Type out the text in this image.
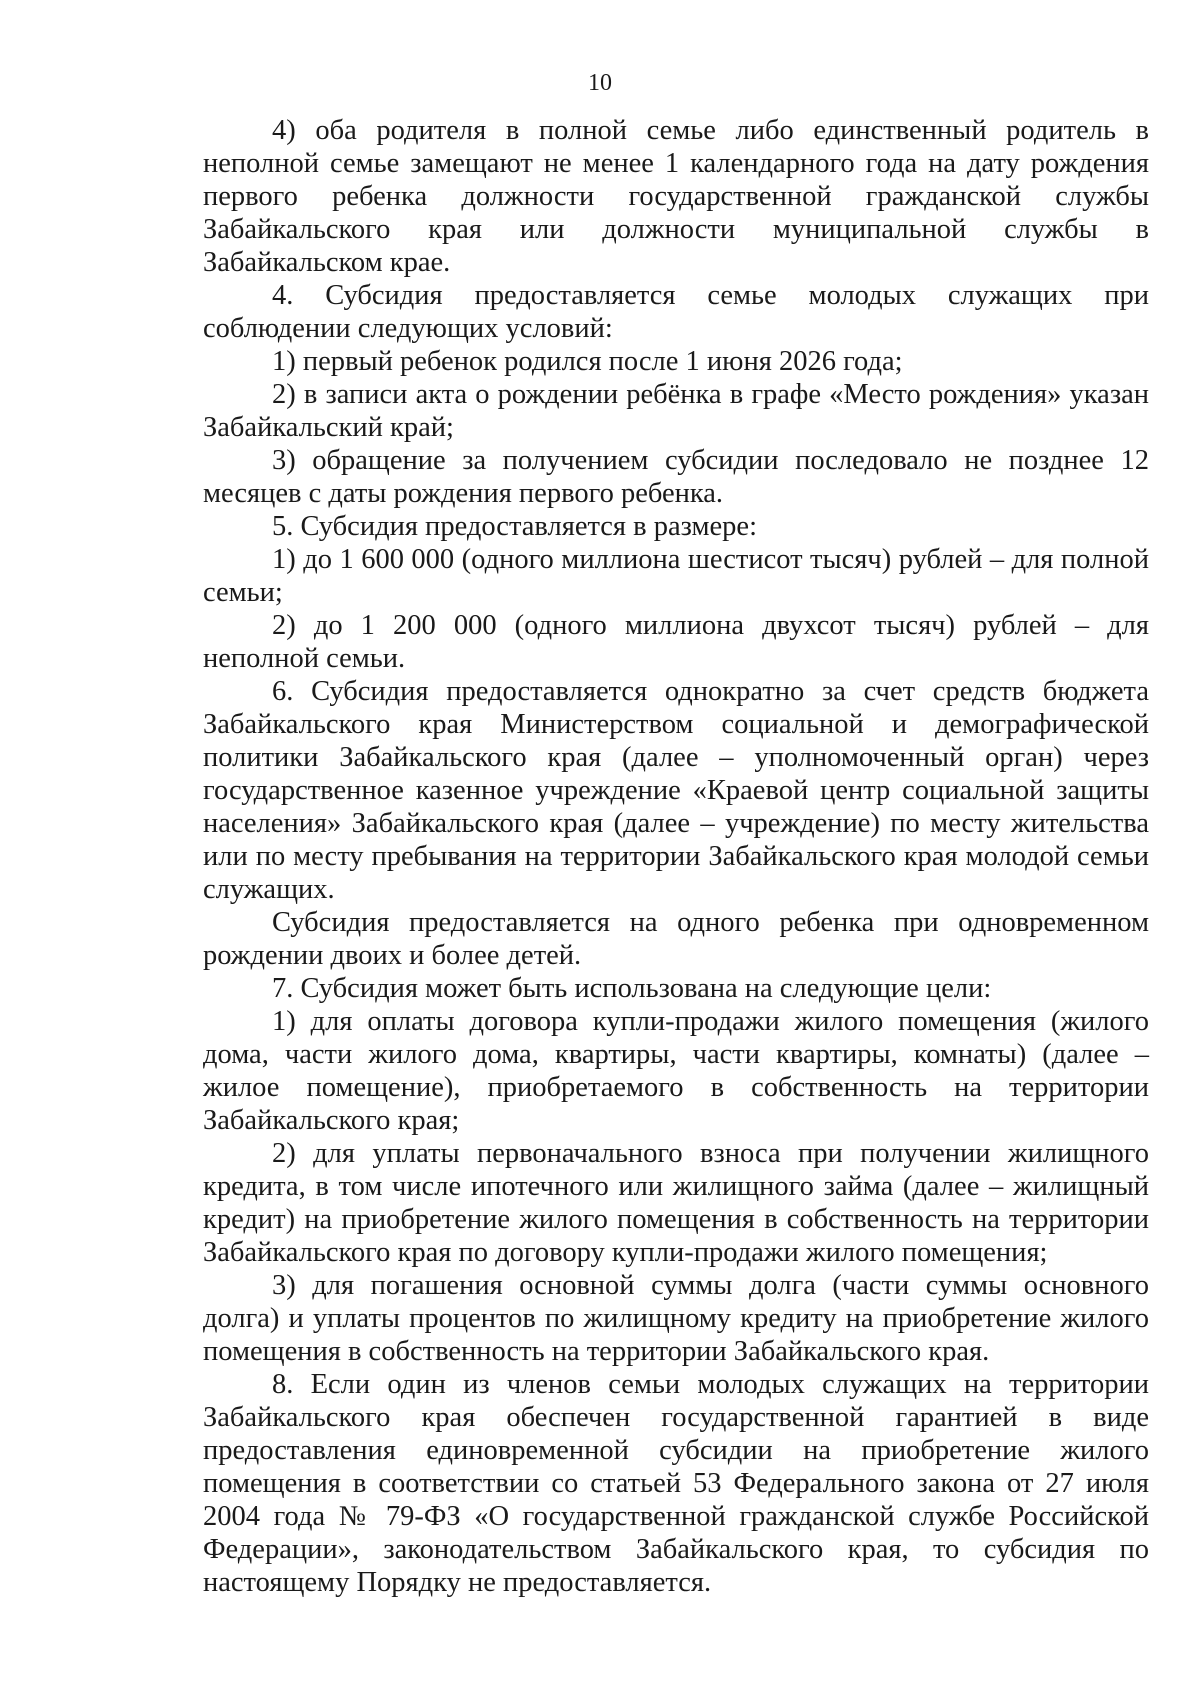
10

4) оба родителя в полной семье либо единственный родитель в неполной семье замещают не менее 1 календарного года на дату рождения первого ребенка должности государственной гражданской службы Забайкальского края или должности муниципальной службы в Забайкальском крае.

4. Субсидия предоставляется семье молодых служащих при соблюдении следующих условий:

1) первый ребенок родился после 1 июня 2026 года;

2) в записи акта о рождении ребёнка в графе «Место рождения» указан Забайкальский край;

3) обращение за получением субсидии последовало не позднее 12 месяцев с даты рождения первого ребенка.

5. Субсидия предоставляется в размере:

1) до 1 600 000 (одного миллиона шестисот тысяч) рублей – для полной семьи;

2) до 1 200 000 (одного миллиона двухсот тысяч) рублей – для неполной семьи.

6. Субсидия предоставляется однократно за счет средств бюджета Забайкальского края Министерством социальной и демографической политики Забайкальского края (далее – уполномоченный орган) через государственное казенное учреждение «Краевой центр социальной защиты населения» Забайкальского края (далее – учреждение) по месту жительства или по месту пребывания на территории Забайкальского края молодой семьи служащих.

Субсидия предоставляется на одного ребенка при одновременном рождении двоих и более детей.

7. Субсидия может быть использована на следующие цели:

1) для оплаты договора купли-продажи жилого помещения (жилого дома, части жилого дома, квартиры, части квартиры, комнаты) (далее – жилое помещение), приобретаемого в собственность на территории Забайкальского края;

2) для уплаты первоначального взноса при получении жилищного кредита, в том числе ипотечного или жилищного займа (далее – жилищный кредит) на приобретение жилого помещения в собственность на территории Забайкальского края по договору купли-продажи жилого помещения;

3) для погашения основной суммы долга (части суммы основного долга) и уплаты процентов по жилищному кредиту на приобретение жилого помещения в собственность на территории Забайкальского края.

8. Если один из членов семьи молодых служащих на территории Забайкальского края обеспечен государственной гарантией в виде предоставления единовременной субсидии на приобретение жилого помещения в соответствии со статьей 53 Федерального закона от 27 июля 2004 года № 79-ФЗ «О государственной гражданской службе Российской Федерации», законодательством Забайкальского края, то субсидия по настоящему Порядку не предоставляется.
